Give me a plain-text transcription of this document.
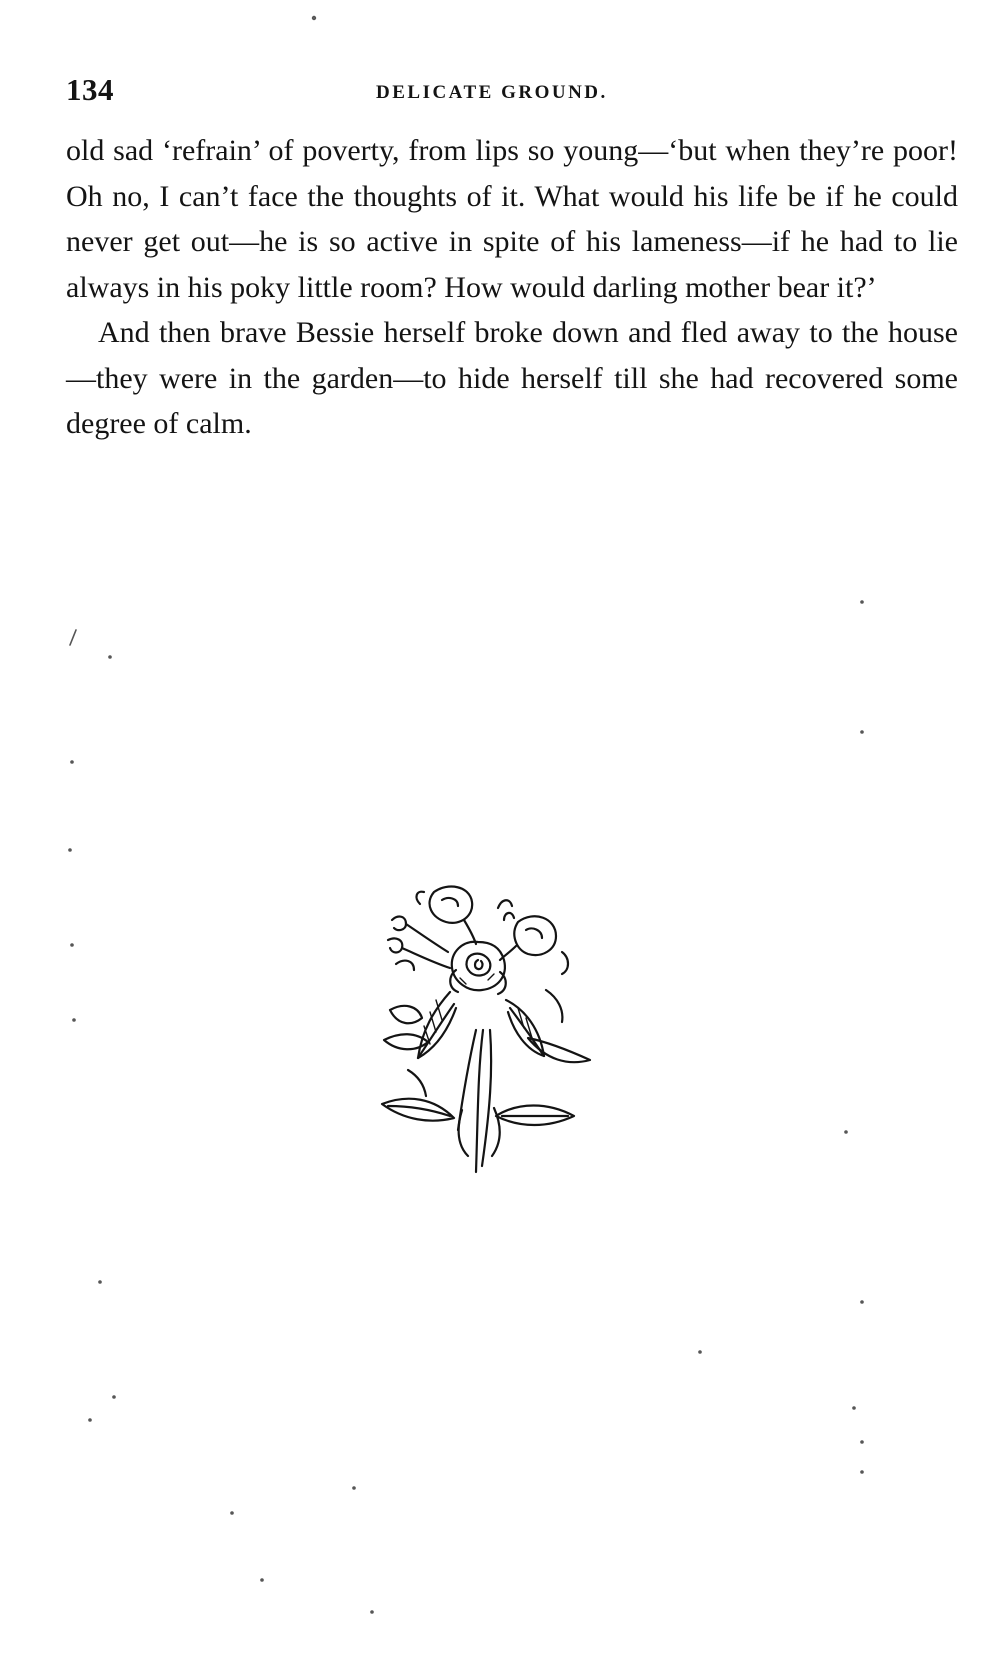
134	DELICATE GROUND.

old sad ‘refrain’ of poverty, from lips so young—‘but when they’re poor! Oh no, I can’t face the thoughts of it. What would his life be if he could never get out—he is so active in spite of his lameness—if he had to lie always in his poky little room? How would darling mother bear it?’

And then brave Bessie herself broke down and fled away to the house—they were in the garden—to hide herself till she had recovered some degree of calm.
